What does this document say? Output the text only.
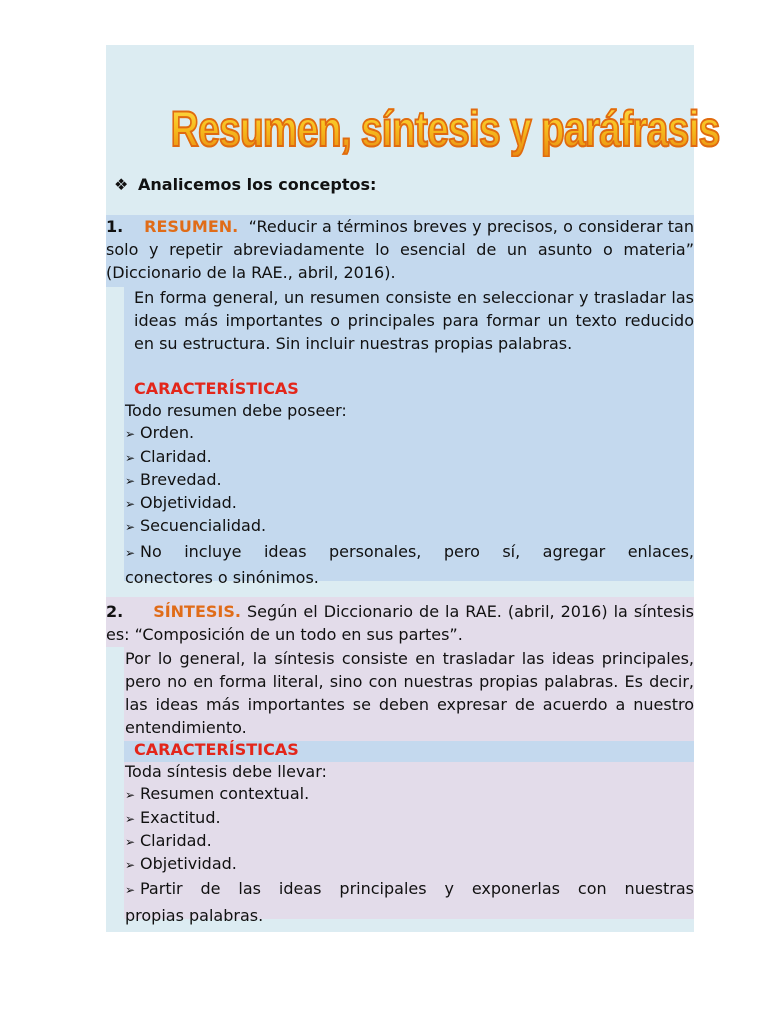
Resumen, síntesis y paráfrasis
❖ Analicemos los conceptos:
1. RESUMEN. “Reducir a términos breves y precisos, o considerar tan solo y repetir abreviadamente lo esencial de un asunto o materia” (Diccionario de la RAE., abril, 2016).
En forma general, un resumen consiste en seleccionar y trasladar las ideas más importantes o principales para formar un texto reducido en su estructura. Sin incluir nuestras propias palabras.
CARACTERÍSTICAS
Todo resumen debe poseer:
➢ Orden.
➢ Claridad.
➢ Brevedad.
➢ Objetividad.
➢ Secuencialidad.
➢ No incluye ideas personales, pero sí, agregar enlaces,
conectores o sinónimos.
2. SÍNTESIS. Según el Diccionario de la RAE. (abril, 2016) la síntesis es: “Composición de un todo en sus partes”.
Por lo general, la síntesis consiste en trasladar las ideas principales, pero no en forma literal, sino con nuestras propias palabras. Es decir, las ideas más importantes se deben expresar de acuerdo a nuestro entendimiento.
CARACTERÍSTICAS
Toda síntesis debe llevar:
➢ Resumen contextual.
➢ Exactitud.
➢ Claridad.
➢ Objetividad.
➢ Partir de las ideas principales y exponerlas con nuestras
propias palabras.
